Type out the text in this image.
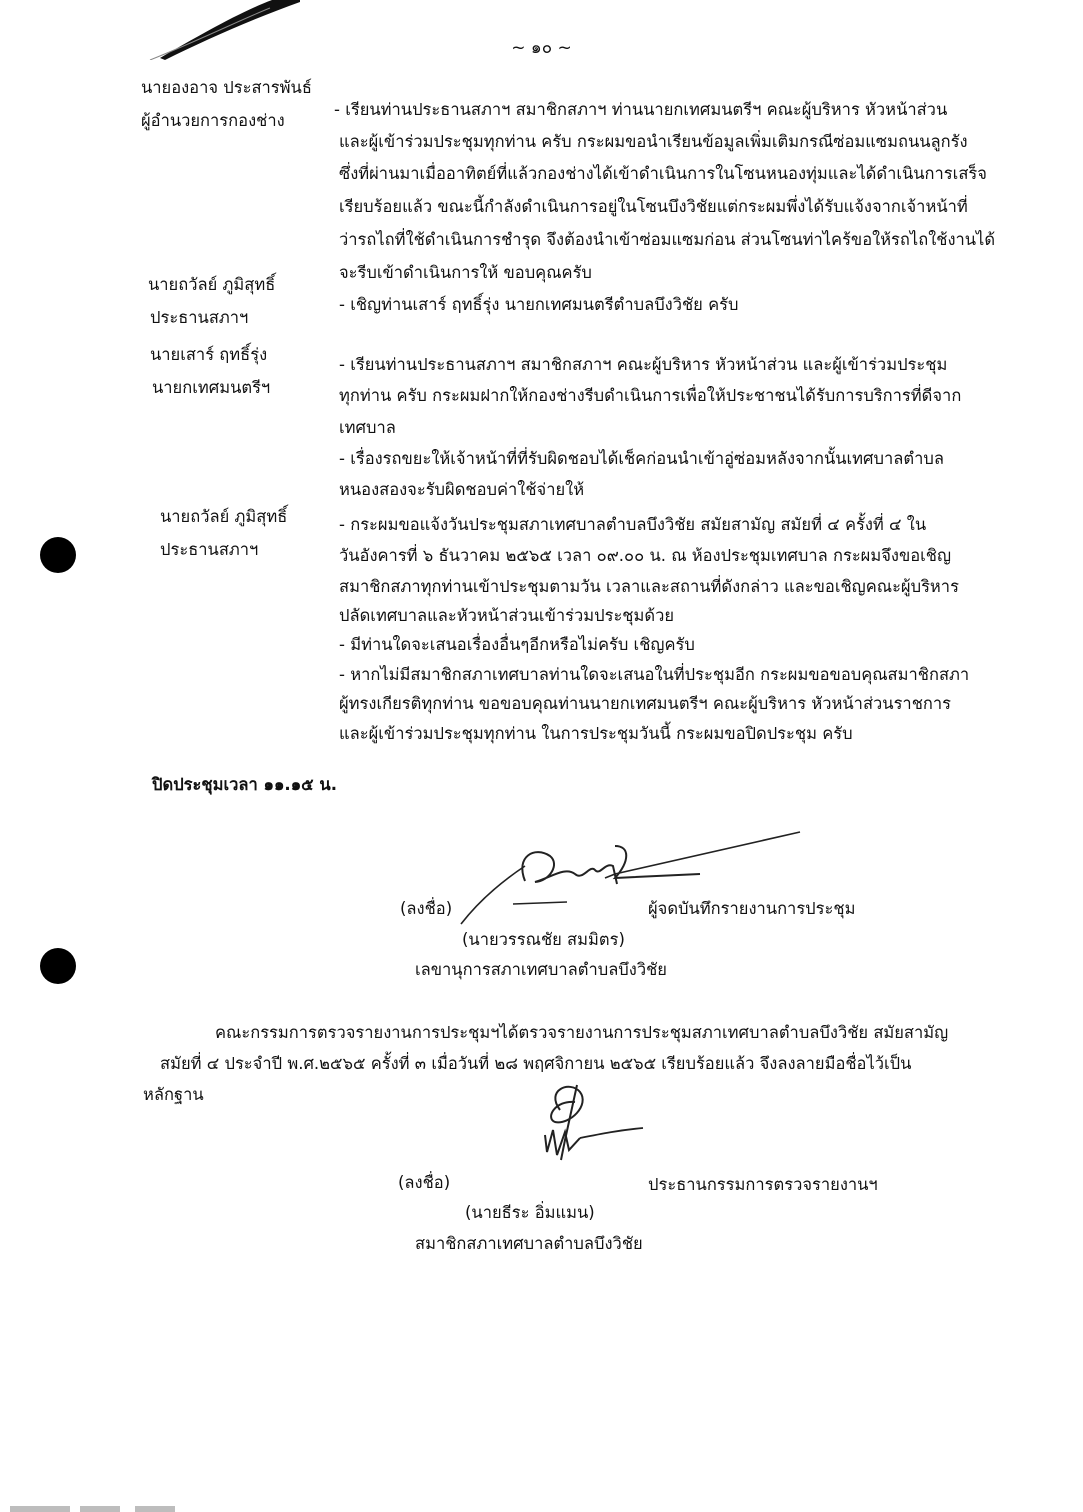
~ ๑๐ ~
นายองอาจ ประสารพันธ์
ผู้อำนวยการกองช่าง
นายถวัลย์ ภูมิสุทธิ์
ประธานสภาฯ
นายเสาร์ ฤทธิ์รุ่ง
นายกเทศมนตรีฯ
นายถวัลย์ ภูมิสุทธิ์
ประธานสภาฯ
- เรียนท่านประธานสภาฯ สมาชิกสภาฯ ท่านนายกเทศมนตรีฯ คณะผู้บริหาร หัวหน้าส่วน
และผู้เข้าร่วมประชุมทุกท่าน ครับ กระผมขอนำเรียนข้อมูลเพิ่มเติมกรณีซ่อมแซมถนนลูกรัง
ซึ่งที่ผ่านมาเมื่ออาทิตย์ที่แล้วกองช่างได้เข้าดำเนินการในโซนหนองทุ่มและได้ดำเนินการเสร็จ
เรียบร้อยแล้ว ขณะนี้กำลังดำเนินการอยู่ในโซนบึงวิชัยแต่กระผมพึ่งได้รับแจ้งจากเจ้าหน้าที่
ว่ารถไถที่ใช้ดำเนินการชำรุด จึงต้องนำเข้าซ่อมแซมก่อน ส่วนโซนท่าไคร้ขอให้รถไถใช้งานได้
จะรีบเข้าดำเนินการให้ ขอบคุณครับ
- เชิญท่านเสาร์ ฤทธิ์รุ่ง นายกเทศมนตรีตำบลบึงวิชัย ครับ
- เรียนท่านประธานสภาฯ สมาชิกสภาฯ คณะผู้บริหาร หัวหน้าส่วน และผู้เข้าร่วมประชุม
ทุกท่าน ครับ กระผมฝากให้กองช่างรีบดำเนินการเพื่อให้ประชาชนได้รับการบริการที่ดีจาก
เทศบาล
- เรื่องรถขยะให้เจ้าหน้าที่ที่รับผิดชอบได้เช็คก่อนนำเข้าอู่ซ่อมหลังจากนั้นเทศบาลตำบล
หนองสองจะรับผิดชอบค่าใช้จ่ายให้
- กระผมขอแจ้งวันประชุมสภาเทศบาลตำบลบึงวิชัย สมัยสามัญ สมัยที่ ๔ ครั้งที่ ๔ ใน
วันอังคารที่ ๖ ธันวาคม ๒๕๖๕ เวลา ๐๙.๐๐ น. ณ ห้องประชุมเทศบาล กระผมจึงขอเชิญ
สมาชิกสภาทุกท่านเข้าประชุมตามวัน เวลาและสถานที่ดังกล่าว และขอเชิญคณะผู้บริหาร
ปลัดเทศบาลและหัวหน้าส่วนเข้าร่วมประชุมด้วย
- มีท่านใดจะเสนอเรื่องอื่นๆอีกหรือไม่ครับ เชิญครับ
- หากไม่มีสมาชิกสภาเทศบาลท่านใดจะเสนอในที่ประชุมอีก กระผมขอขอบคุณสมาชิกสภา
ผู้ทรงเกียรติทุกท่าน ขอขอบคุณท่านนายกเทศมนตรีฯ คณะผู้บริหาร หัวหน้าส่วนราชการ
และผู้เข้าร่วมประชุมทุกท่าน ในการประชุมวันนี้ กระผมขอปิดประชุม ครับ
ปิดประชุมเวลา ๑๑.๑๕ น.
(ลงชื่อ)	ผู้จดบันทึกรายงานการประชุม
(นายวรรณชัย สมมิตร)
เลขานุการสภาเทศบาลตำบลบึงวิชัย
คณะกรรมการตรวจรายงานการประชุมฯได้ตรวจรายงานการประชุมสภาเทศบาลตำบลบึงวิชัย สมัยสามัญ
สมัยที่ ๔ ประจำปี พ.ศ.๒๕๖๕ ครั้งที่ ๓ เมื่อวันที่ ๒๘ พฤศจิกายน ๒๕๖๕ เรียบร้อยแล้ว จึงลงลายมือชื่อไว้เป็น
หลักฐาน
(ลงชื่อ)	ประธานกรรมการตรวจรายงานฯ
(นายธีระ อิ่มแมน)
สมาชิกสภาเทศบาลตำบลบึงวิชัย
